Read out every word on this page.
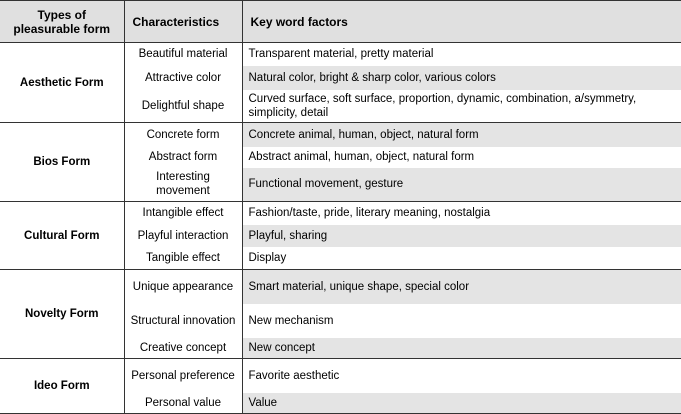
Types of pleasurable form	Characteristics	Key word factors
Aesthetic Form	Beautiful material	Transparent material, pretty material
	Attractive color	Natural color, bright & sharp color, various colors
	Delightful shape	Curved surface, soft surface, proportion, dynamic, combination, a/symmetry, simplicity, detail
Bios Form	Concrete form	Concrete animal, human, object, natural form
	Abstract form	Abstract animal, human, object, natural form
	Interesting movement	Functional movement, gesture
Cultural Form	Intangible effect	Fashion/taste, pride, literary meaning, nostalgia
	Playful interaction	Playful, sharing
	Tangible effect	Display
Novelty Form	Unique appearance	Smart material, unique shape, special color
	Structural innovation	New mechanism
	Creative concept	New concept
Ideo Form	Personal preference	Favorite aesthetic
	Personal value	Value
